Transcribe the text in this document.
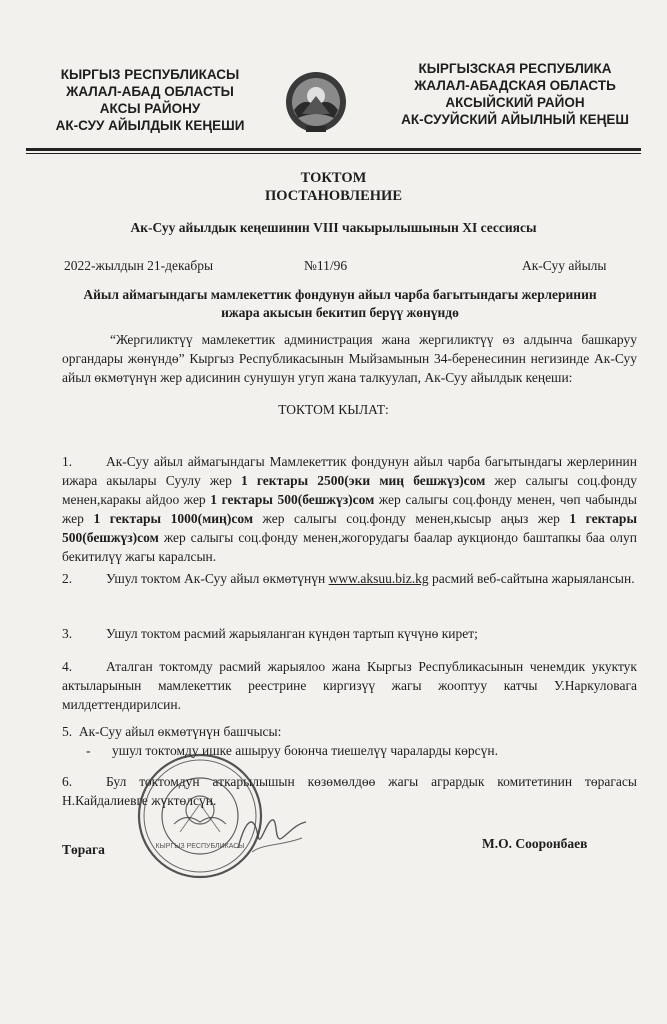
КЫРГЫЗ РЕСПУБЛИКАСЫ
ЖАЛАЛ-АБАД ОБЛАСТЫ
АКСЫ РАЙОНУ
АК-СУУ АЙЫЛДЫК КЕҢЕШИ
КЫРГЫЗСКАЯ РЕСПУБЛИКА
ЖАЛАЛ-АБАДСКАЯ ОБЛАСТЬ
АКСЫЙСКИЙ РАЙОН
АК-СУУЙСКИЙ АЙЫЛНЫЙ КЕҢЕШ
ТОКТОМ
ПОСТАНОВЛЕНИЕ
Ак-Суу айылдык кеңешинин VIII чакырылышынын XI сессиясы
2022-жылдын 21-декабры	№11/96	Ак-Суу айылы
Айыл аймагындагы мамлекеттик фондунун айыл чарба багытындагы жерлеринин
ижара акысын бекитип берүү жөнүндө
“Жергиликтүү мамлекеттик администрация жана жергиликтүү өз алдынча башкаруу органдары жөнүндө” Кыргыз Республикасынын Мыйзамынын 34-беренесинин негизинде Ак-Суу айыл өкмөтүнүн жер адисинин сунушун угуп жана талкуулап, Ак-Суу айылдык кеңеши:
ТОКТОМ КЫЛАТ:
1.	Ак-Суу айыл аймагындагы Мамлекеттик фондунун айыл чарба багытындагы жерлеринин ижара акылары Суулу жер 1 гектары 2500(эки миң бешжүз)сом жер салыгы соц.фонду менен,каракы айдоо жер 1 гектары 500(бешжүз)сом жер салыгы соц.фонду менен, чөп чабынды жер 1 гектары 1000(миң)сом жер салыгы соц.фонду менен,кысыр аңыз жер 1 гектары 500(бешжүз)сом жер салыгы соц.фонду менен,жогорудагы баалар аукциондо баштапкы баа олуп бекитилүү жагы каралсын.
2.	Ушул токтом Ак-Суу айыл өкмөтүнүн www.aksuu.biz.kg расмий веб-сайтына жарыялансын.
3.	Ушул токтом расмий жарыяланган күндөн тартып күчүнө кирет;
4.	Аталган токтомду расмий жарыялоо жана Кыргыз Республикасынын ченемдик укуктук актыларынын мамлекеттик реестрине киргизүү жагы жооптуу катчы У.Наркуловага милдеттендирилсин.
5. Ак-Суу айыл өкмөтүнүн башчысы:
- ушул токтомду ишке ашыруу боюнча тиешелүү чараларды көрсүн.
6.	Бул токтомдун аткарылышын көзөмөлдөө жагы агрардык комитетинин төрагасы Н.Кайдалиевге жүктөлсүн.
КЫРГЫЗ РЕСПУБЛИКАСЫ
Төрага	М.О. Сооронбаев
